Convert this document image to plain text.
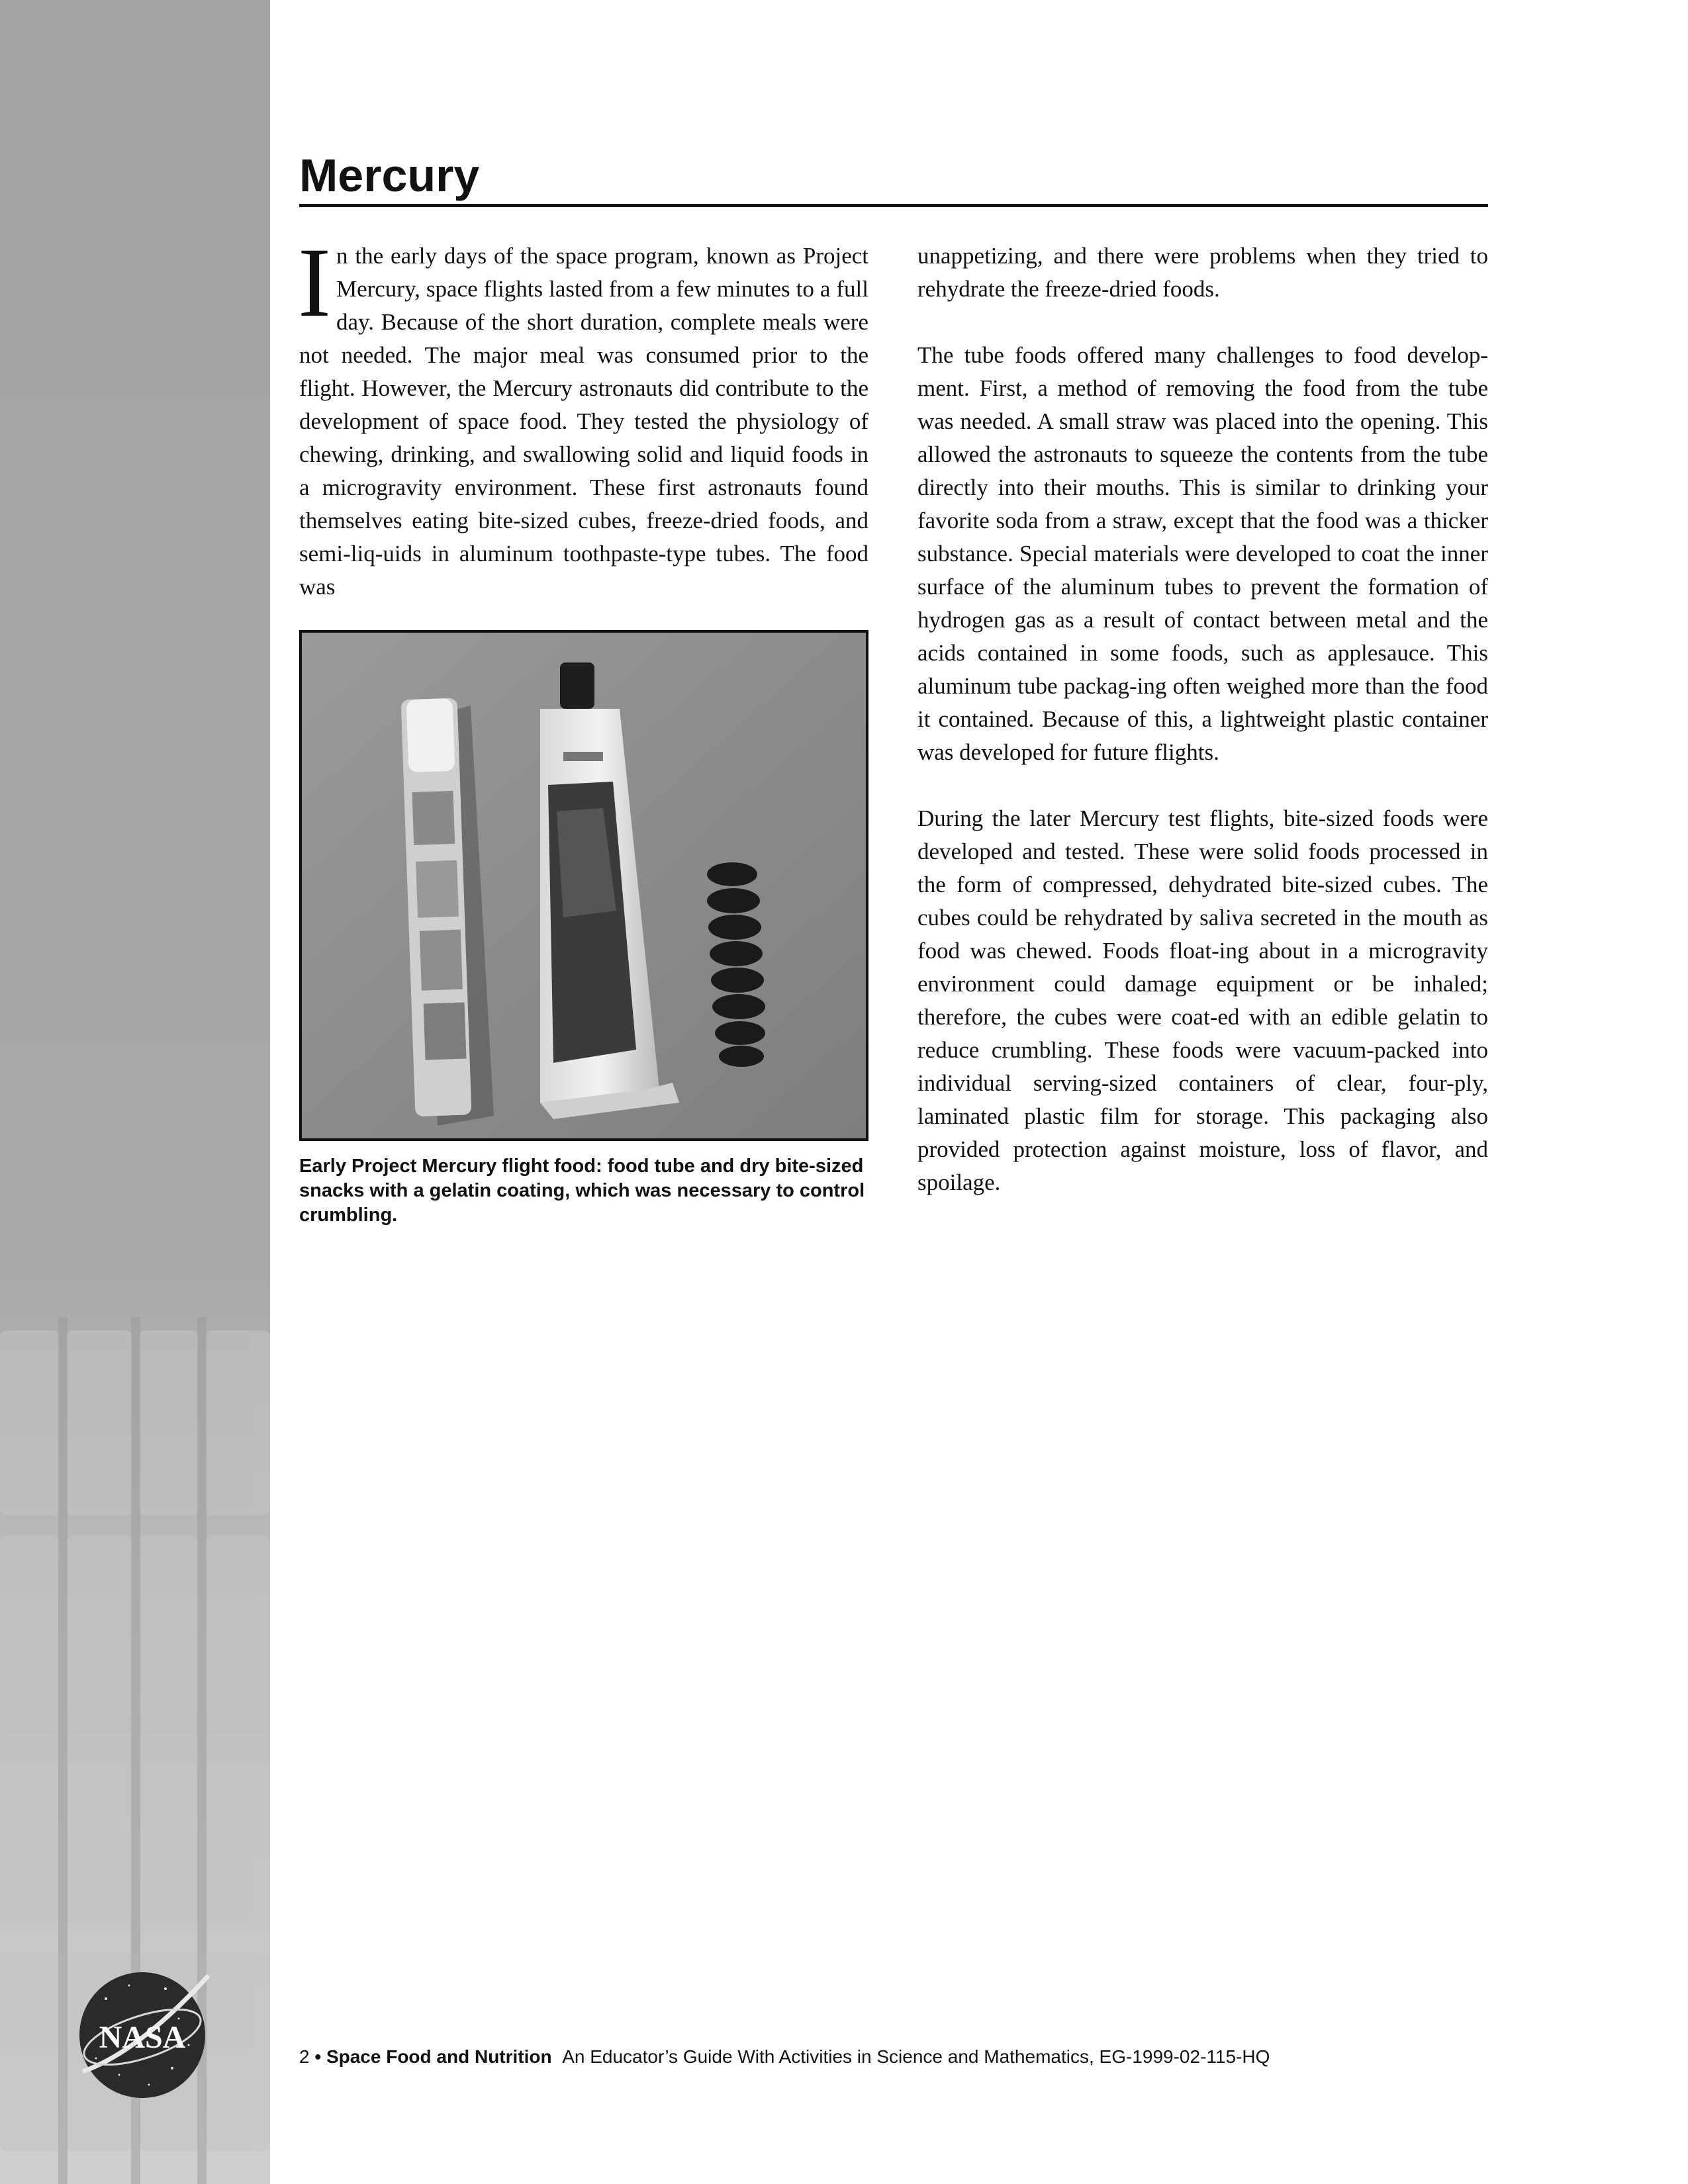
NASA
Mercury

In the early days of the space program, known as Project Mercury, space flights lasted from a few minutes to a full day. Because of the short duration, complete meals were not needed. The major meal was consumed prior to the flight. However, the Mercury astronauts did contribute to the development of space food. They tested the physiology of chewing, drinking, and swallowing solid and liquid foods in a microgravity environment. These first astronauts found themselves eating bite-sized cubes, freeze-dried foods, and semi-liq-uids in aluminum toothpaste-type tubes. The food was

Early Project Mercury flight food: food tube and dry bite-sized snacks with a gelatin coating, which was necessary to control crumbling.

unappetizing, and there were problems when they tried to rehydrate the freeze-dried foods.

The tube foods offered many challenges to food develop-ment. First, a method of removing the food from the tube was needed. A small straw was placed into the opening. This allowed the astronauts to squeeze the contents from the tube directly into their mouths. This is similar to drinking your favorite soda from a straw, except that the food was a thicker substance. Special materials were developed to coat the inner surface of the aluminum tubes to prevent the formation of hydrogen gas as a result of contact between metal and the acids contained in some foods, such as applesauce. This aluminum tube packag-ing often weighed more than the food it contained. Because of this, a lightweight plastic container was developed for future flights.

During the later Mercury test flights, bite-sized foods were developed and tested. These were solid foods processed in the form of compressed, dehydrated bite-sized cubes. The cubes could be rehydrated by saliva secreted in the mouth as food was chewed. Foods float-ing about in a microgravity environment could damage equipment or be inhaled; therefore, the cubes were coat-ed with an edible gelatin to reduce crumbling. These foods were vacuum-packed into individual serving-sized containers of clear, four-ply, laminated plastic film for storage. This packaging also provided protection against moisture, loss of flavor, and spoilage.

2 • Space Food and Nutrition An Educator’s Guide With Activities in Science and Mathematics, EG-1999-02-115-HQ
